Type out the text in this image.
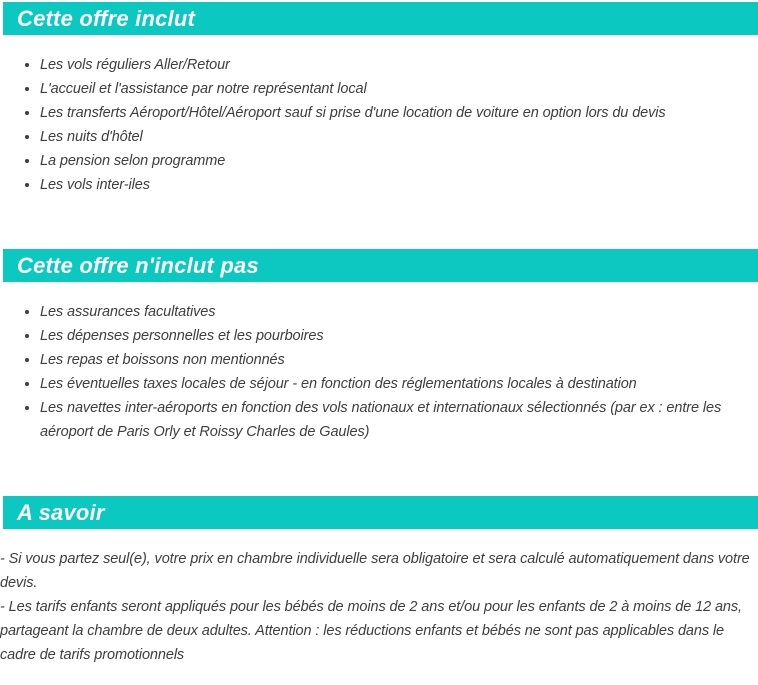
Cette offre inclut
• Les vols réguliers Aller/Retour
• L'accueil et l'assistance par notre représentant local
• Les transferts Aéroport/Hôtel/Aéroport sauf si prise d'une location de voiture en option lors du devis
• Les nuits d'hôtel
• La pension selon programme
• Les vols inter-iles
Cette offre n'inclut pas
• Les assurances facultatives
• Les dépenses personnelles et les pourboires
• Les repas et boissons non mentionnés
• Les éventuelles taxes locales de séjour - en fonction des réglementations locales à destination
• Les navettes inter-aéroports en fonction des vols nationaux et internationaux sélectionnés (par ex : entre les aéroport de Paris Orly et Roissy Charles de Gaules)
A savoir

- Si vous partez seul(e), votre prix en chambre individuelle sera obligatoire et sera calculé automatiquement dans votre devis.

- Les tarifs enfants seront appliqués pour les bébés de moins de 2 ans et/ou pour les enfants de 2 à moins de 12 ans, partageant la chambre de deux adultes. Attention : les réductions enfants et bébés ne sont pas applicables dans le cadre de tarifs promotionnels
